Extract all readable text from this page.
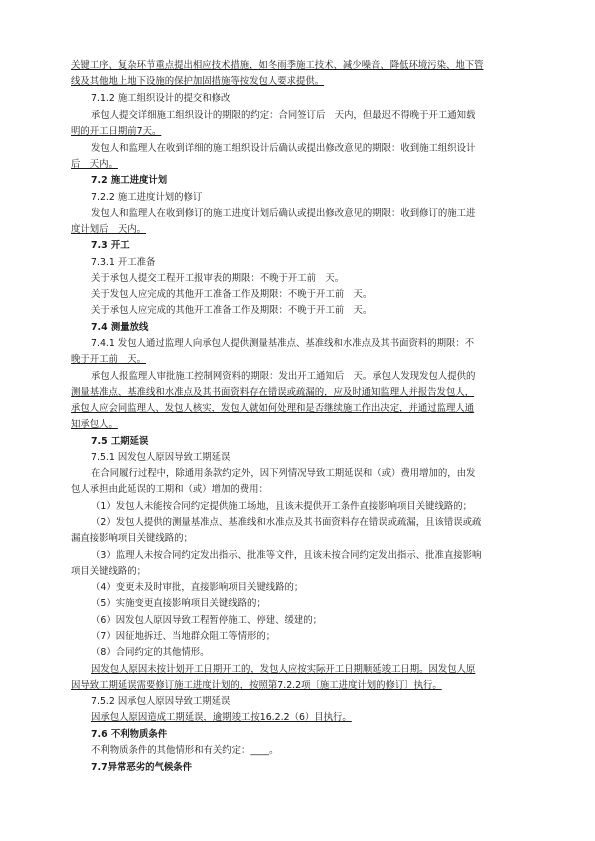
关键工序、复杂环节重点提出相应技术措施，如冬雨季施工技术、减少噪音、降低环境污染、地下管
线及其他地上地下设施的保护加固措施等按发包人要求提供。
7.1.2 施工组织设计的提交和修改
承包人提交详细施工组织设计的期限的约定：合同签订后　天内，但最迟不得晚于开工通知载
明的开工日期前7天。
发包人和监理人在收到详细的施工组织设计后确认或提出修改意见的期限：收到施工组织设计
后　天内。
7.2 施工进度计划
7.2.2 施工进度计划的修订
发包人和监理人在收到修订的施工进度计划后确认或提出修改意见的期限：收到修订的施工进
度计划后　天内。
7.3 开工
7.3.1 开工准备
关于承包人提交工程开工报审表的期限：不晚于开工前　天。
关于发包人应完成的其他开工准备工作及期限：不晚于开工前　天。
关于承包人应完成的其他开工准备工作及期限：不晚于开工前　天。
7.4 测量放线
7.4.1 发包人通过监理人向承包人提供测量基准点、基准线和水准点及其书面资料的期限：不
晚于开工前　天。
承包人报监理人审批施工控制网资料的期限：发出开工通知后　天。承包人发现发包人提供的
测量基准点、基准线和水准点及其书面资料存在错误或疏漏的，应及时通知监理人并报告发包人，
承包人应会同监理人、发包人核实，发包人就如何处理和是否继续施工作出决定，并通过监理人通
知承包人。
7.5 工期延误
7.5.1 因发包人原因导致工期延误
在合同履行过程中，除通用条款约定外，因下列情况导致工期延误和（或）费用增加的，由发
包人承担由此延误的工期和（或）增加的费用：
（1）发包人未能按合同约定提供施工场地，且该未提供开工条件直接影响项目关键线路的；
（2）发包人提供的测量基准点、基准线和水准点及其书面资料存在错误或疏漏，且该错误或疏
漏直接影响项目关键线路的；
（3）监理人未按合同约定发出指示、批准等文件，且该未按合同约定发出指示、批准直接影响
项目关键线路的；
（4）变更未及时审批，直接影响项目关键线路的；
（5）实施变更直接影响项目关键线路的；
（6）因发包人原因导致工程暂停施工、停建、缓建的；
（7）因征地拆迁、当地群众阻工等情形的；
（8）合同约定的其他情形。
因发包人原因未按计划开工日期开工的，发包人应按实际开工日期顺延竣工日期。因发包人原
因导致工期延误需要修订施工进度计划的，按照第7.2.2项〔施工进度计划的修订〕执行。
7.5.2 因承包人原因导致工期延误
因承包人原因造成工期延误，逾期竣工按16.2.2（6）目执行。
7.6 不利物质条件
不利物质条件的其他情形和有关约定：____。
7.7异常恶劣的气候条件
